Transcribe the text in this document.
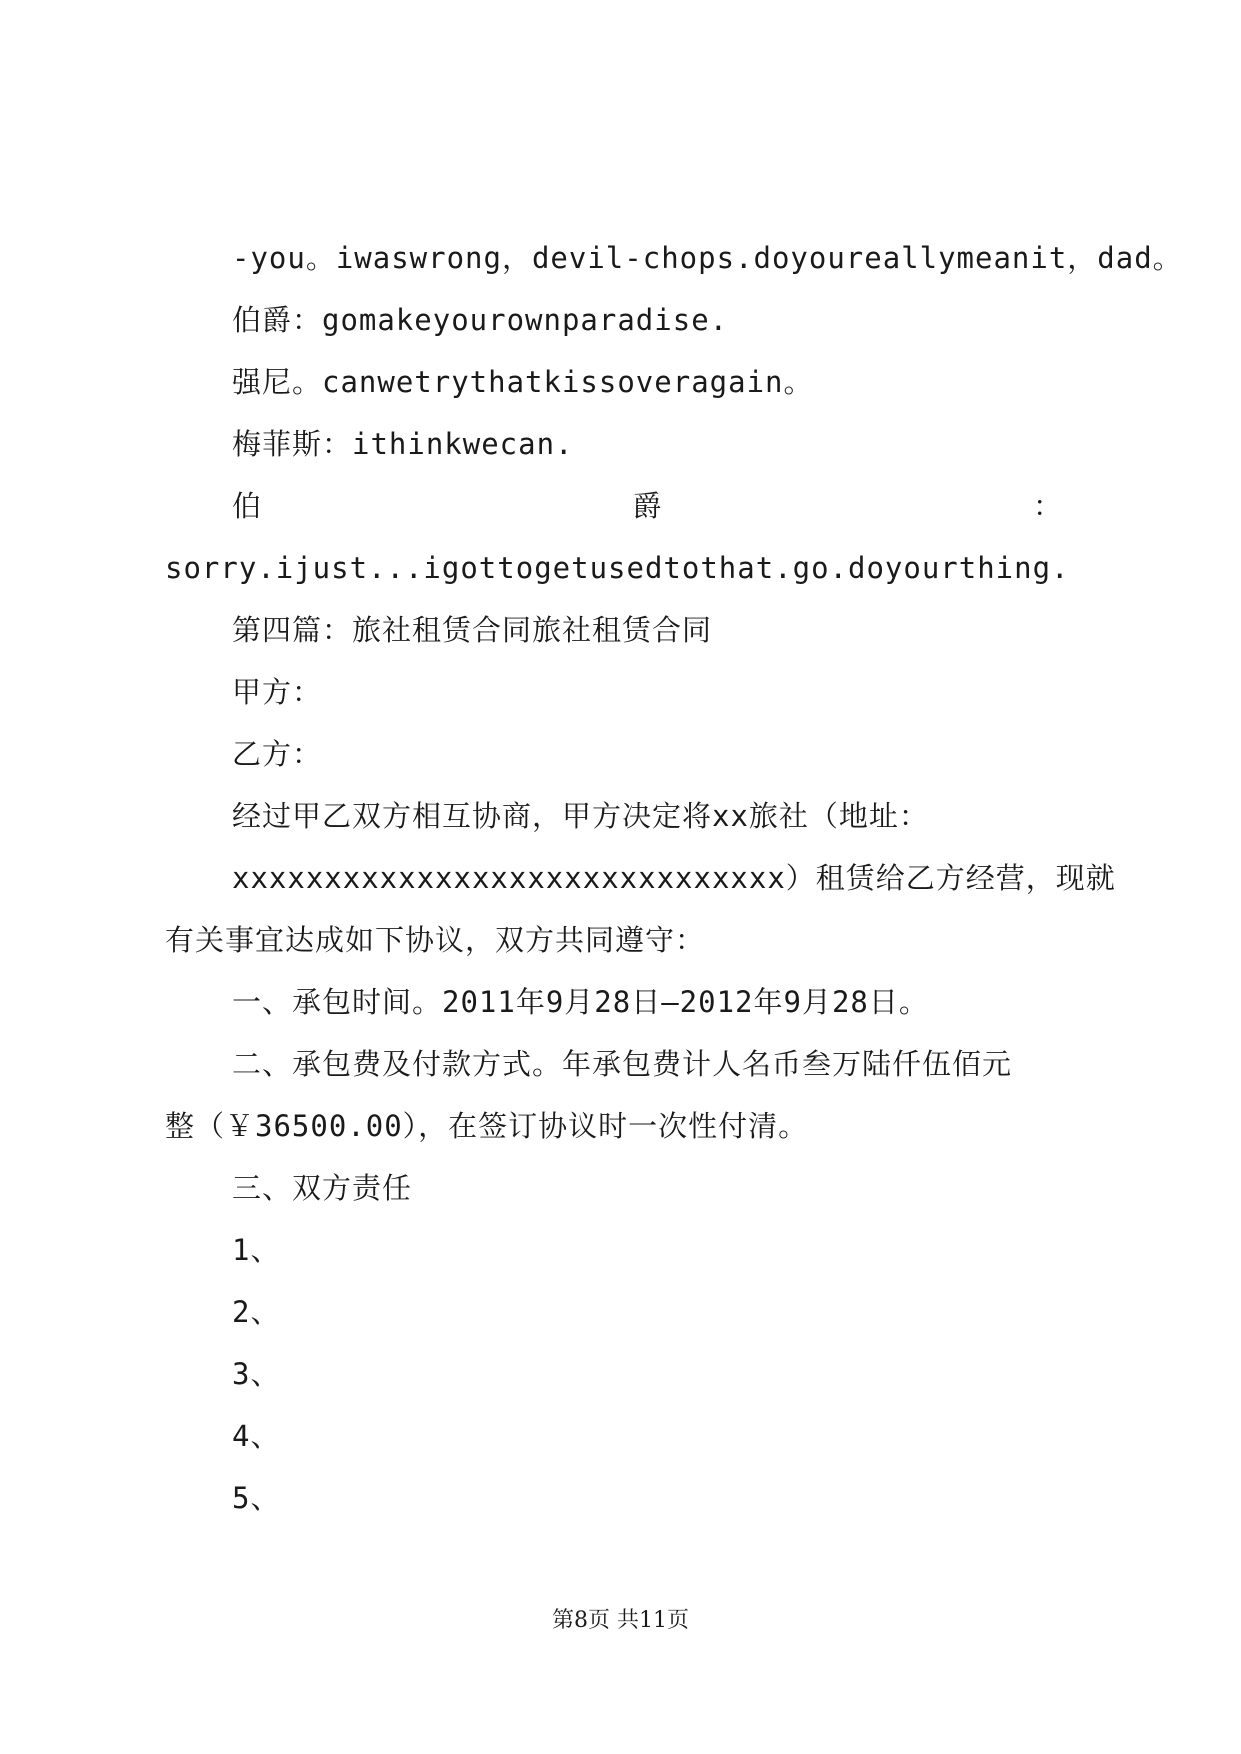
-you。iwaswrong，devil-chops.doyoureallymeanit，dad。
伯爵：gomakeyourownparadise.
强尼。canwetrythatkissoveragain。
梅菲斯：ithinkwecan.
伯	爵	：
sorry.ijust...igottogetusedtothat.go.doyourthing.
第四篇：旅社租赁合同旅社租赁合同
甲方：
乙方：
经过甲乙双方相互协商，甲方决定将xx旅社（地址：
xxxxxxxxxxxxxxxxxxxxxxxxxxxxxx）租赁给乙方经营，现就
有关事宜达成如下协议，双方共同遵守：
一、承包时间。2011年9月28日—2012年9月28日。
二、承包费及付款方式。年承包费计人名币叁万陆仟伍佰元
整（￥36500.00），在签订协议时一次性付清。
三、双方责任
1、
2、
3、
4、
5、
第8页 共11页
